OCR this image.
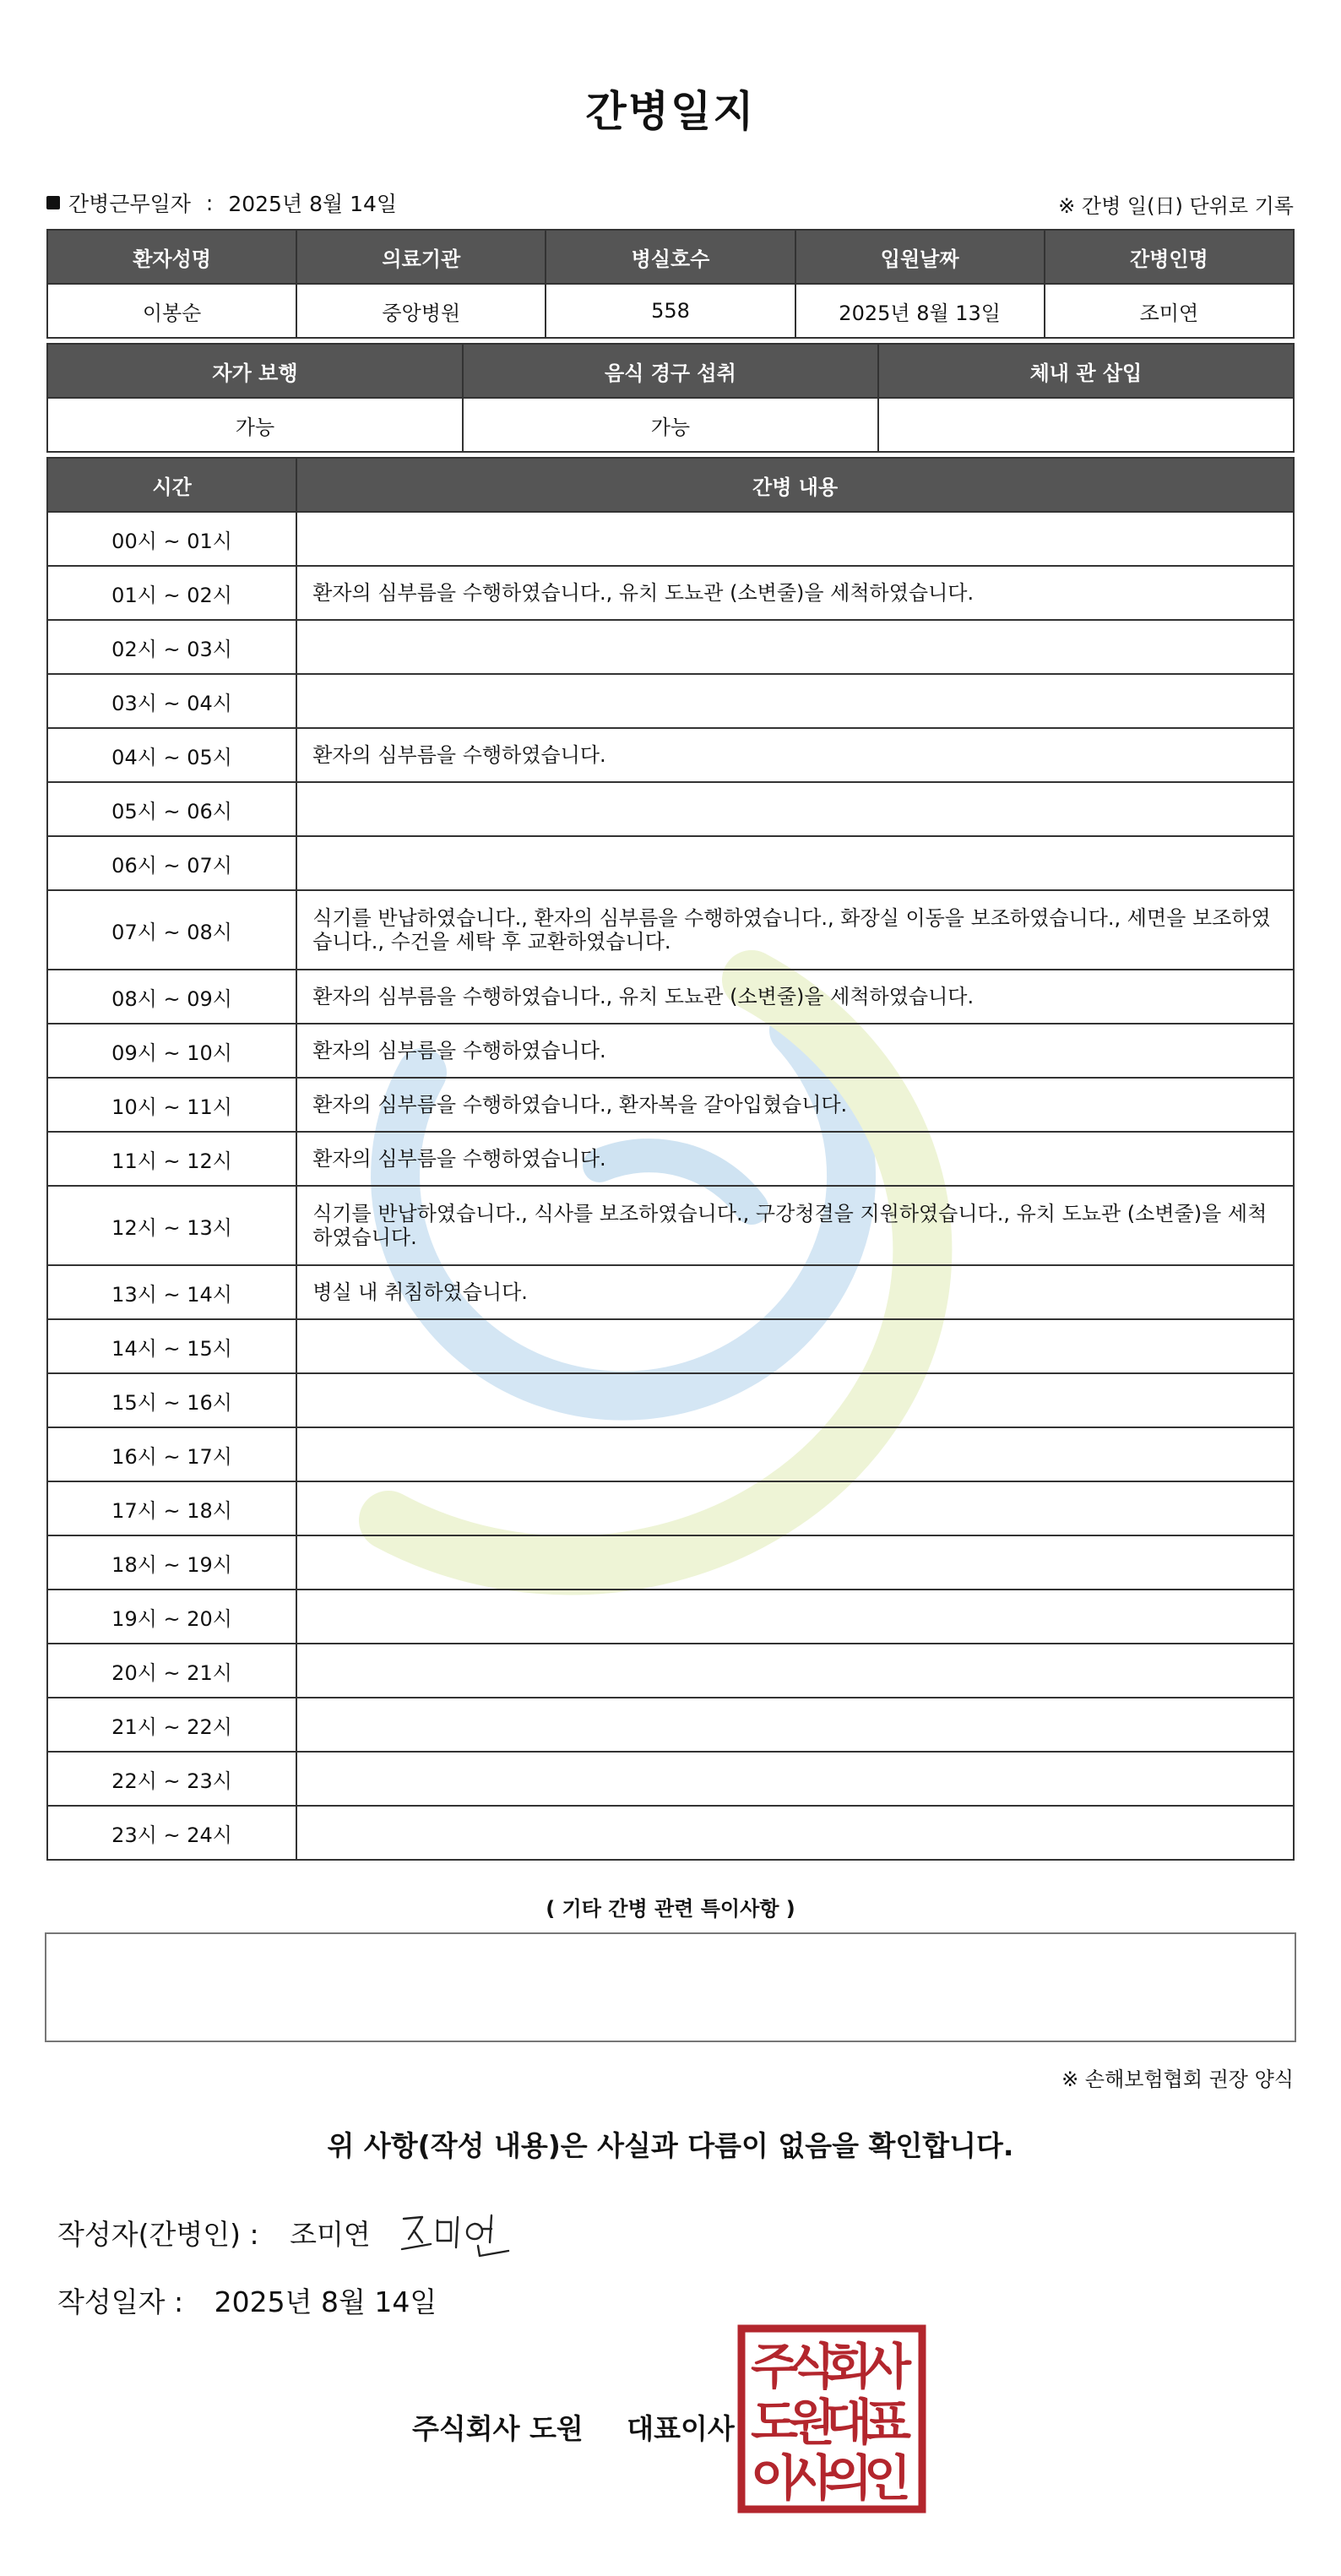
간병일지
간병근무일자 : 2025년 8월 14일	※ 간병 일(日) 단위로 기록
환자성명	의료기관	병실호수	입원날짜	간병인명
이봉순	중앙병원	558	2025년 8월 13일	조미연
자가 보행	음식 경구 섭취	체내 관 삽입
가능	가능	
시간	간병 내용
00시 ~ 01시	
01시 ~ 02시	환자의 심부름을 수행하였습니다., 유치 도뇨관 (소변줄)을 세척하였습니다.
02시 ~ 03시	
03시 ~ 04시	
04시 ~ 05시	환자의 심부름을 수행하였습니다.
05시 ~ 06시	
06시 ~ 07시	
07시 ~ 08시	식기를 반납하였습니다., 환자의 심부름을 수행하였습니다., 화장실 이동을 보조하였습니다., 세면을 보조하였습니다., 수건을 세탁 후 교환하였습니다.
08시 ~ 09시	환자의 심부름을 수행하였습니다., 유치 도뇨관 (소변줄)을 세척하였습니다.
09시 ~ 10시	환자의 심부름을 수행하였습니다.
10시 ~ 11시	환자의 심부름을 수행하였습니다., 환자복을 갈아입혔습니다.
11시 ~ 12시	환자의 심부름을 수행하였습니다.
12시 ~ 13시	식기를 반납하였습니다., 식사를 보조하였습니다., 구강청결을 지원하였습니다., 유치 도뇨관 (소변줄)을 세척하였습니다.
13시 ~ 14시	병실 내 취침하였습니다.
14시 ~ 15시	
15시 ~ 16시	
16시 ~ 17시	
17시 ~ 18시	
18시 ~ 19시	
19시 ~ 20시	
20시 ~ 21시	
21시 ~ 22시	
22시 ~ 23시	
23시 ~ 24시	
( 기타 간병 관련 특이사항 )
※ 손해보험협회 권장 양식
위 사항(작성 내용)은 사실과 다름이 없음을 확인합니다.
작성자(간병인) : 조미연
작성일자 : 2025년 8월 14일
주식회사 도원 대표이사
주
식
회
사
도
원
대
표
이
사
의
인
